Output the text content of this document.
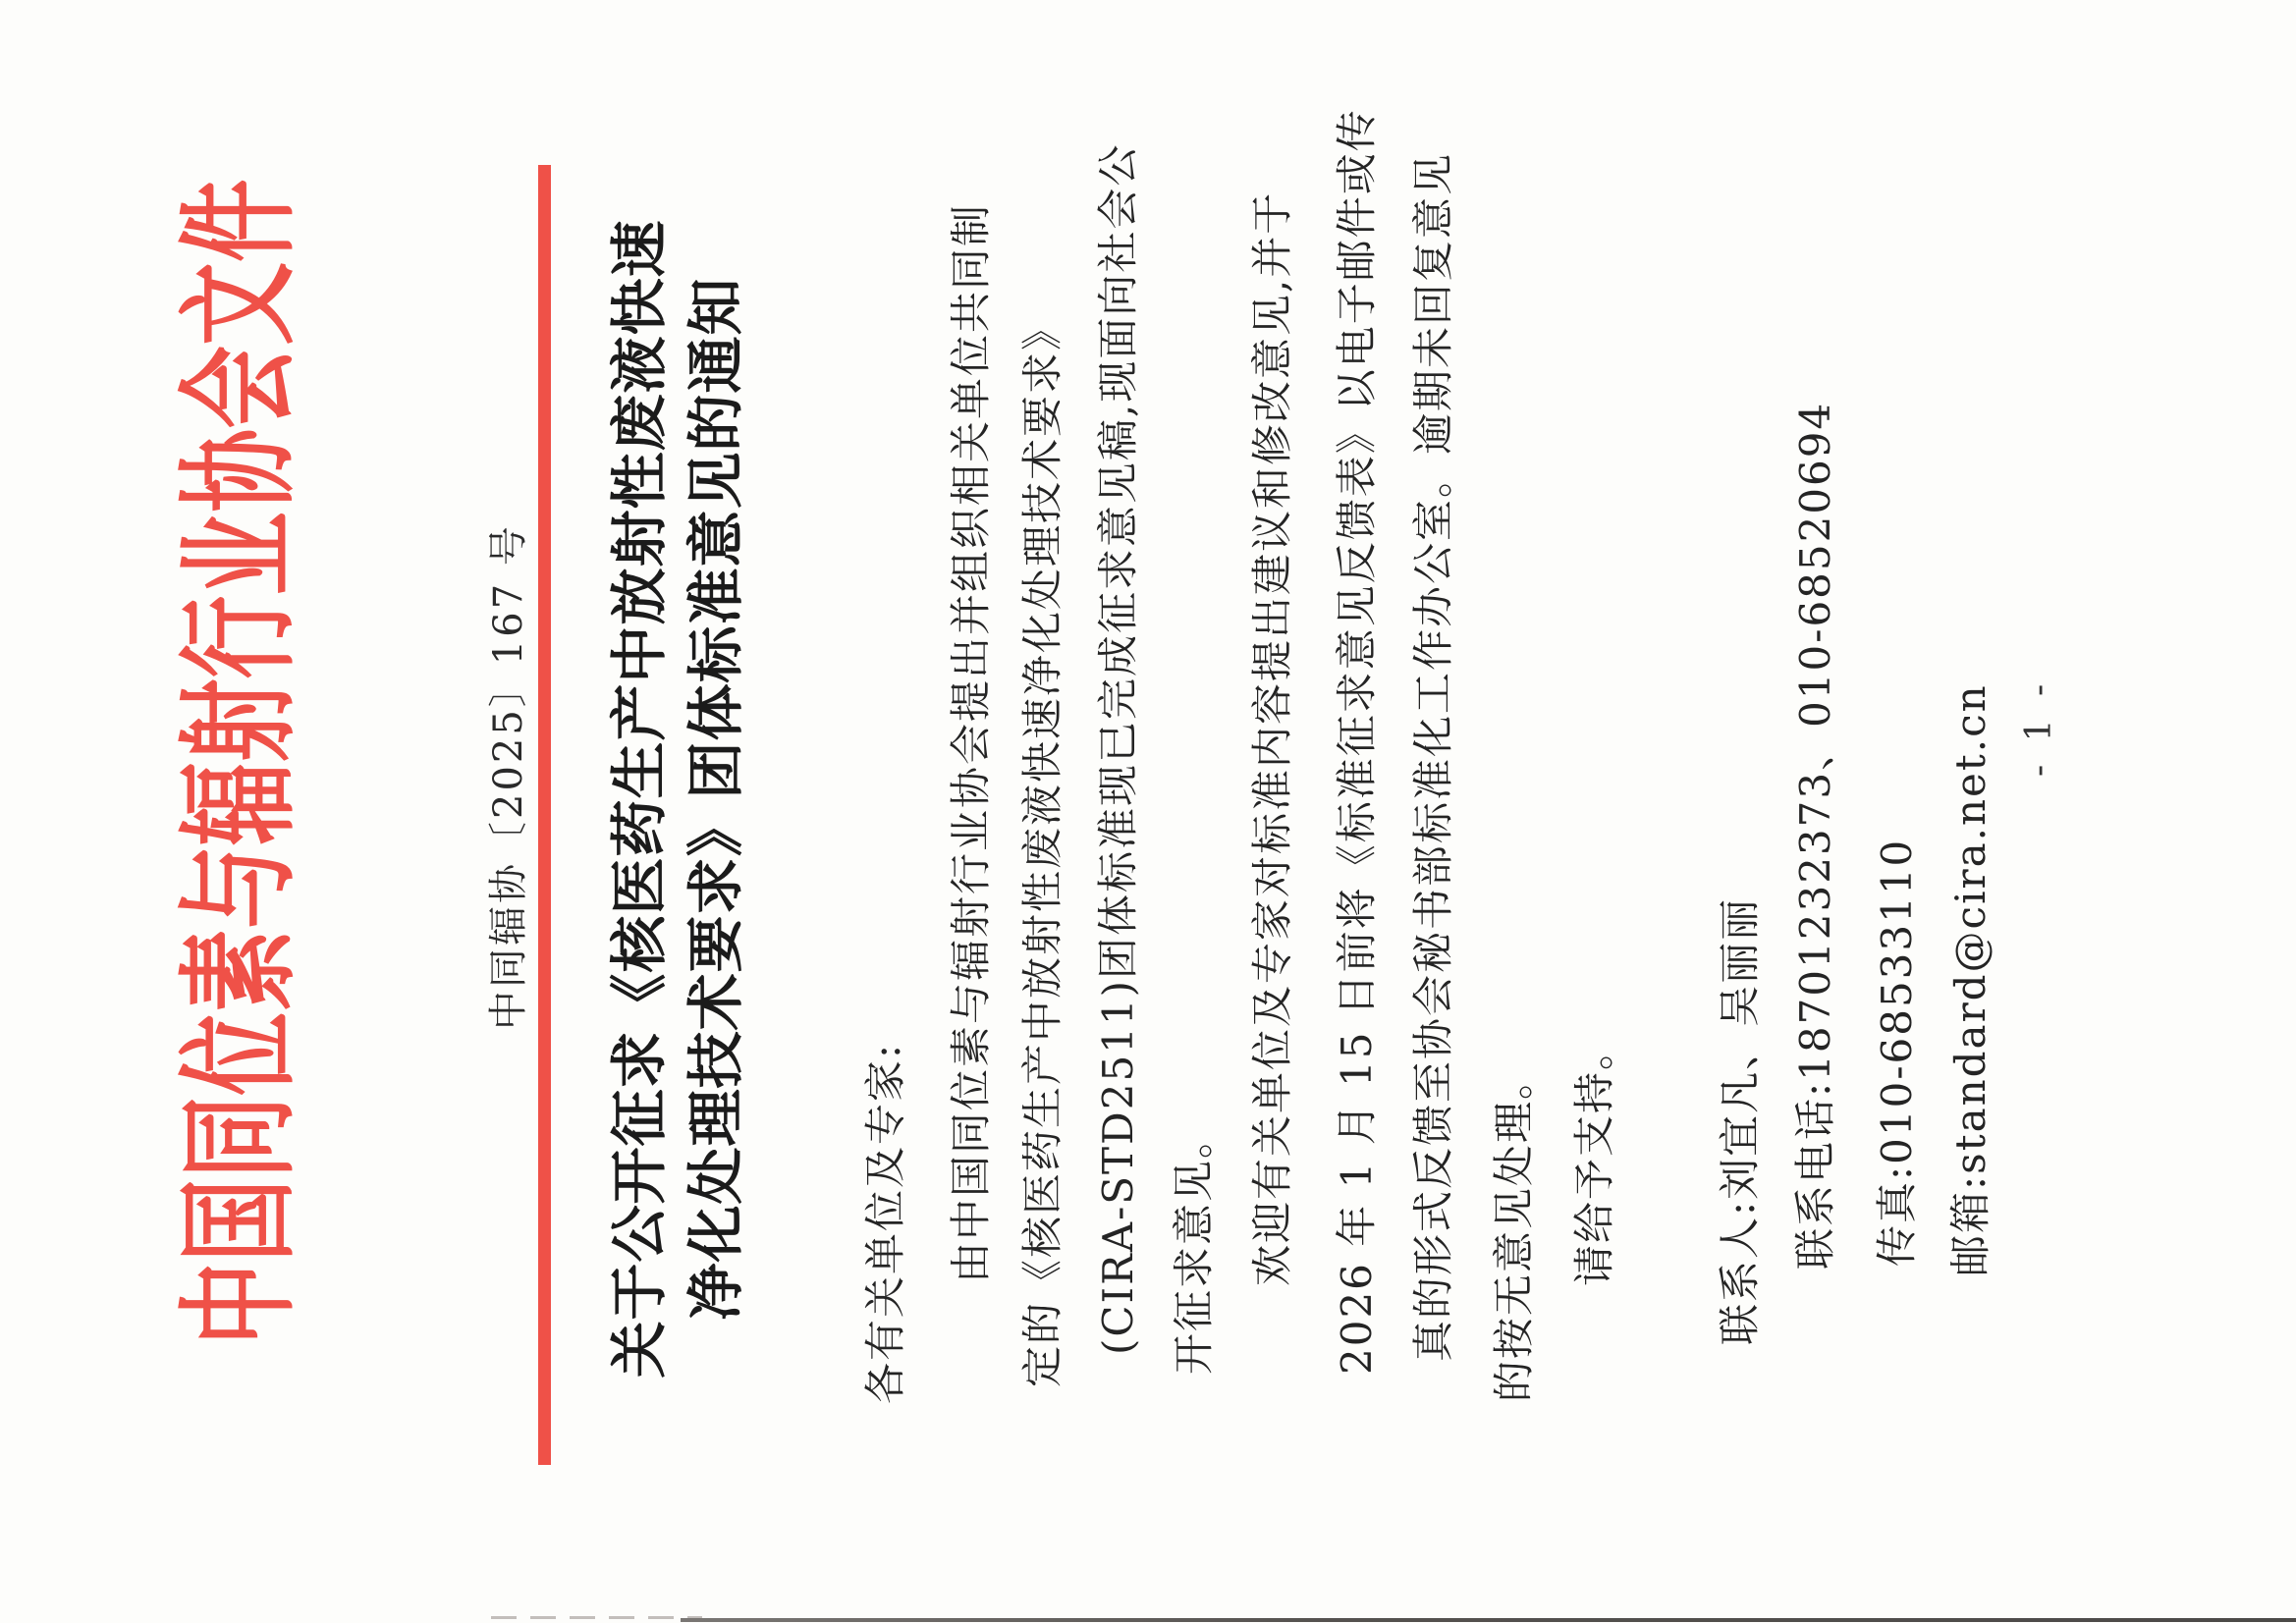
中国同位素与辐射行业协会文件	中同辐协〔2025〕167 号 关于公开征求《核医药生产中放射性废液快速 净化处理技术要求》团体标准意见的通知	各有关单位及专家: 由中国同位素与辐射行业协会提出并组织相关单位共同制 定的《核医药生产中放射性废液快速净化处理技术要求》 (CIRA-STD2511)团体标准现已完成征求意见稿,现面向社会公 开征求意见。 欢迎有关单位及专家对标准内容提出建议和修改意见,并于 2026 年 1 月 15 日前将《标准征求意见反馈表》以电子邮件或传 真的形式反馈至协会秘书部标准化工作办公室。逾期未回复意见 的按无意见处理。 请给予支持。 联系人:刘宜凡、吴丽丽 联系电话:18701232373、010-68520694 传真:010-68533110 邮箱:standard@cira.net.cn - 1 -
